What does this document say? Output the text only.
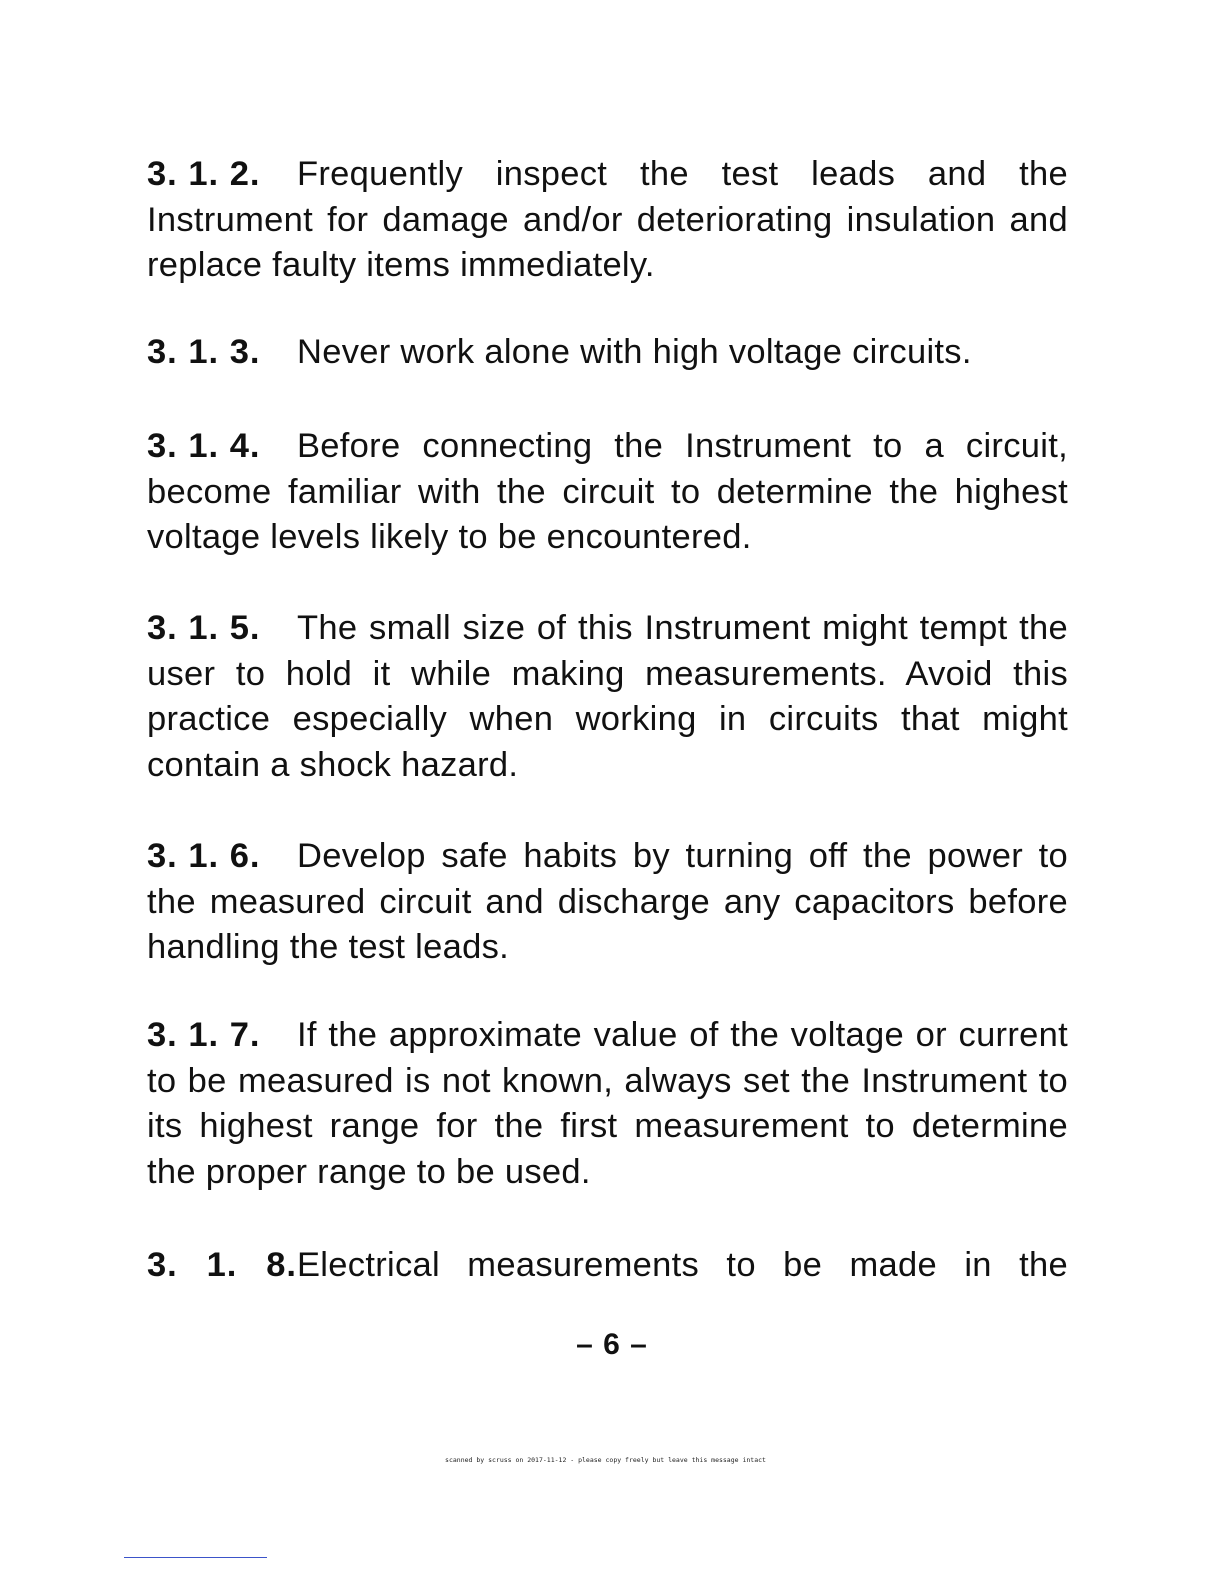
3. 1. 2. Frequently inspect the test leads and the Instrument for damage and/or deteriorating insulation and replace faulty items immediately.

3. 1. 3. Never work alone with high voltage circuits.

3. 1. 4. Before connecting the Instrument to a circuit, become familiar with the circuit to determine the highest voltage levels likely to be encountered.

3. 1. 5. The small size of this Instrument might tempt the user to hold it while making measurements. Avoid this practice especially when working in circuits that might contain a shock hazard.

3. 1. 6. Develop safe habits by turning off the power to the measured circuit and discharge any capacitors before handling the test leads.

3. 1. 7. If the approximate value of the voltage or current to be measured is not known, always set the Instrument to its highest range for the first measurement to determine the proper range to be used.

3. 1. 8.Electrical measurements to be made in the

– 6 –
scanned by scruss on 2017-11-12 - please copy freely but leave this message intact
